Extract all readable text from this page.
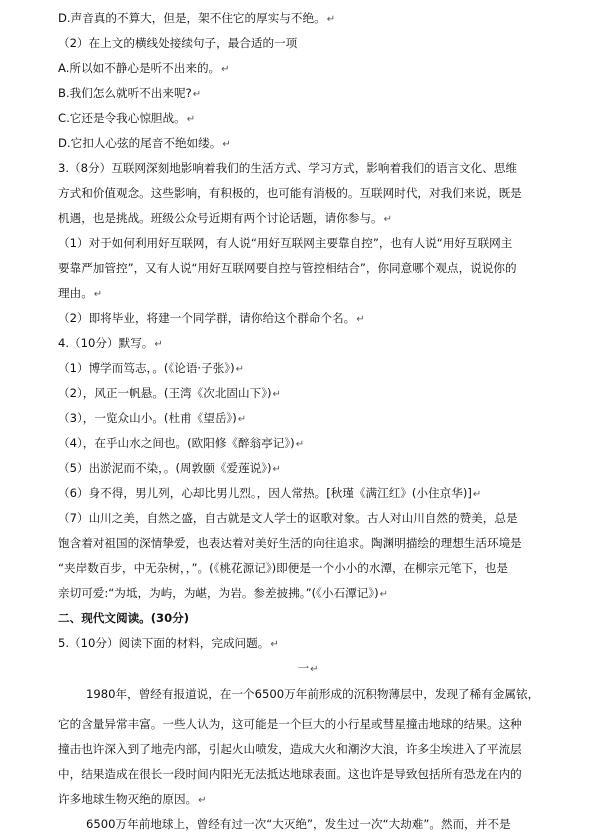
D.声音真的不算大，但是，架不住它的厚实与不绝。↵
（2）在上文的横线处接续句子，最合适的一项
A.所以如不静心是听不出来的。↵
B.我们怎么就听不出来呢?↵
C.它还是令我心惊胆战。↵
D.它扣人心弦的尾音不绝如缕。↵
3.（8分）互联网深刻地影响着我们的生活方式、学习方式，影响着我们的语言文化、思维
方式和价值观念。这些影响，有积极的，也可能有消极的。互联网时代，对我们来说，既是
机遇，也是挑战。班级公众号近期有两个讨论话题，请你参与。↵
（1）对于如何利用好互联网，有人说“用好互联网主要靠自控”，也有人说“用好互联网主
要靠严加管控”，又有人说“用好互联网要自控与管控相结合”，你同意哪个观点，说说你的
理由。↵
（2）即将毕业，将建一个同学群，请你给这个群命个名。↵
4.（10分）默写。↵
（1）博学而笃志，。(《论语·子张》)↵
（2），风正一帆悬。(王湾《次北固山下》)↵
（3），一览众山小。(杜甫《望岳》)↵
（4），在乎山水之间也。(欧阳修《醉翁亭记》)↵
（5）出淤泥而不染，。(周敦颐《爱莲说》)↵
（6）身不得，男儿列，心却比男儿烈。，因人常热。[秋瑾《满江红》(小住京华)]↵
（7）山川之美，自然之盛，自古就是文人学士的讴歌对象。古人对山川自然的赞美，总是
饱含着对祖国的深情挚爱，也表达着对美好生活的向往追求。陶渊明描绘的理想生活环境是
“夹岸数百步，中无杂树，，”。(《桃花源记》)即便是一个小小的水潭，在柳宗元笔下，也是
亲切可爱:“为坻，为屿，为嵁，为岩。参差披拂。”(《小石潭记》)↵
二、现代文阅读。(30分)
5.（10分）阅读下面的材料，完成问题。↵
一↵
1980年，曾经有报道说，在一个6500万年前形成的沉积物薄层中，发现了稀有金属铱，
它的含量异常丰富。一些人认为，这可能是一个巨大的小行星或彗星撞击地球的结果。这种
撞击也许深入到了地壳内部，引起火山喷发，造成大火和潮汐大浪，许多尘埃进入了平流层
中，结果造成在很长一段时间内阳光无法抵达地球表面。这也许是导致包括所有恐龙在内的
许多地球生物灭绝的原因。↵
6500万年前地球上，曾经有过一次“大灭绝”，发生过一次“大劫难”。然而，并不是
